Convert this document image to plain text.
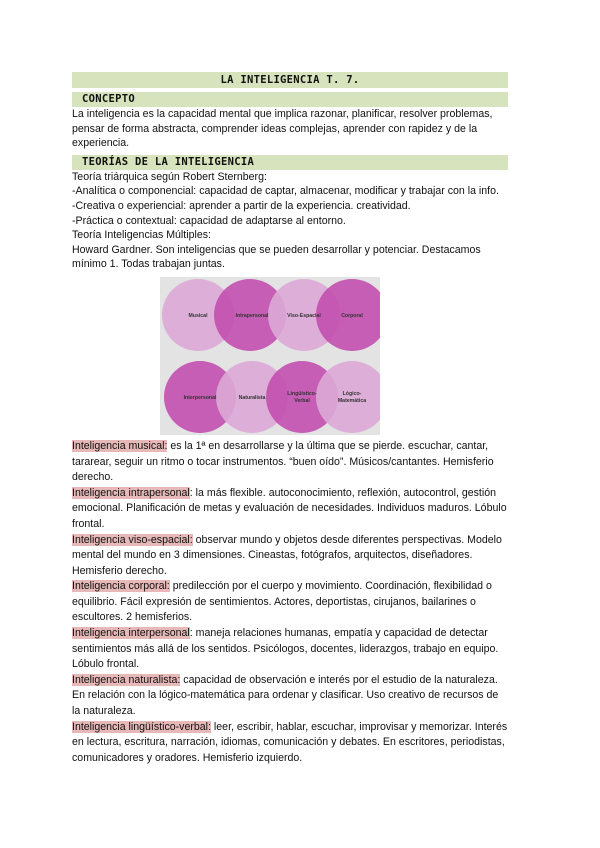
LA INTELIGENCIA T. 7.
CONCEPTO

La inteligencia es la capacidad mental que implica razonar, planificar, resolver problemas, pensar de forma abstracta, comprender ideas complejas, aprender con rapidez y de la experiencia.

TEORÍAS DE LA INTELIGENCIA
Teoría triárquica según Robert Sternberg:
-Analítica o componencial: capacidad de captar, almacenar, modificar y trabajar con la info.
-Creativa o experiencial: aprender a partir de la experiencia. creatividad.
-Práctica o contextual: capacidad de adaptarse al entorno.
Teoría Inteligencias Múltiples:

Howard Gardner. Son inteligencias que se pueden desarrollar y potenciar. Destacamos mínimo 1. Todas trabajan juntas.

Musical	Intrapersonal	Viso-Espacial	Corporal
Interpersonal	Naturalista
Lingüístico-
Verbal
Lógico-
Matemática

Inteligencia musical: es la 1ª en desarrollarse y la última que se pierde. escuchar, cantar, tararear, seguir un ritmo o tocar instrumentos. “buen oído”. Músicos/cantantes. Hemisferio derecho.

Inteligencia intrapersonal: la más flexible. autoconocimiento, reflexión, autocontrol, gestión emocional. Planificación de metas y evaluación de necesidades. Individuos maduros. Lóbulo frontal.

Inteligencia viso-espacial: observar mundo y objetos desde diferentes perspectivas. Modelo mental del mundo en 3 dimensiones. Cineastas, fotógrafos, arquitectos, diseñadores. Hemisferio derecho.

Inteligencia corporal: predilección por el cuerpo y movimiento. Coordinación, flexibilidad o equilibrio. Fácil expresión de sentimientos. Actores, deportistas, cirujanos, bailarines o escultores. 2 hemisferios.

Inteligencia interpersonal: maneja relaciones humanas, empatía y capacidad de detectar sentimientos más allá de los sentidos. Psicólogos, docentes, liderazgos, trabajo en equipo. Lóbulo frontal.

Inteligencia naturalista: capacidad de observación e interés por el estudio de la naturaleza. En relación con la lógico-matemática para ordenar y clasificar. Uso creativo de recursos de la naturaleza.

Inteligencia lingüístico-verbal: leer, escribir, hablar, escuchar, improvisar y memorizar. Interés en lectura, escritura, narración, idiomas, comunicación y debates. En escritores, periodistas, comunicadores y oradores. Hemisferio izquierdo.
